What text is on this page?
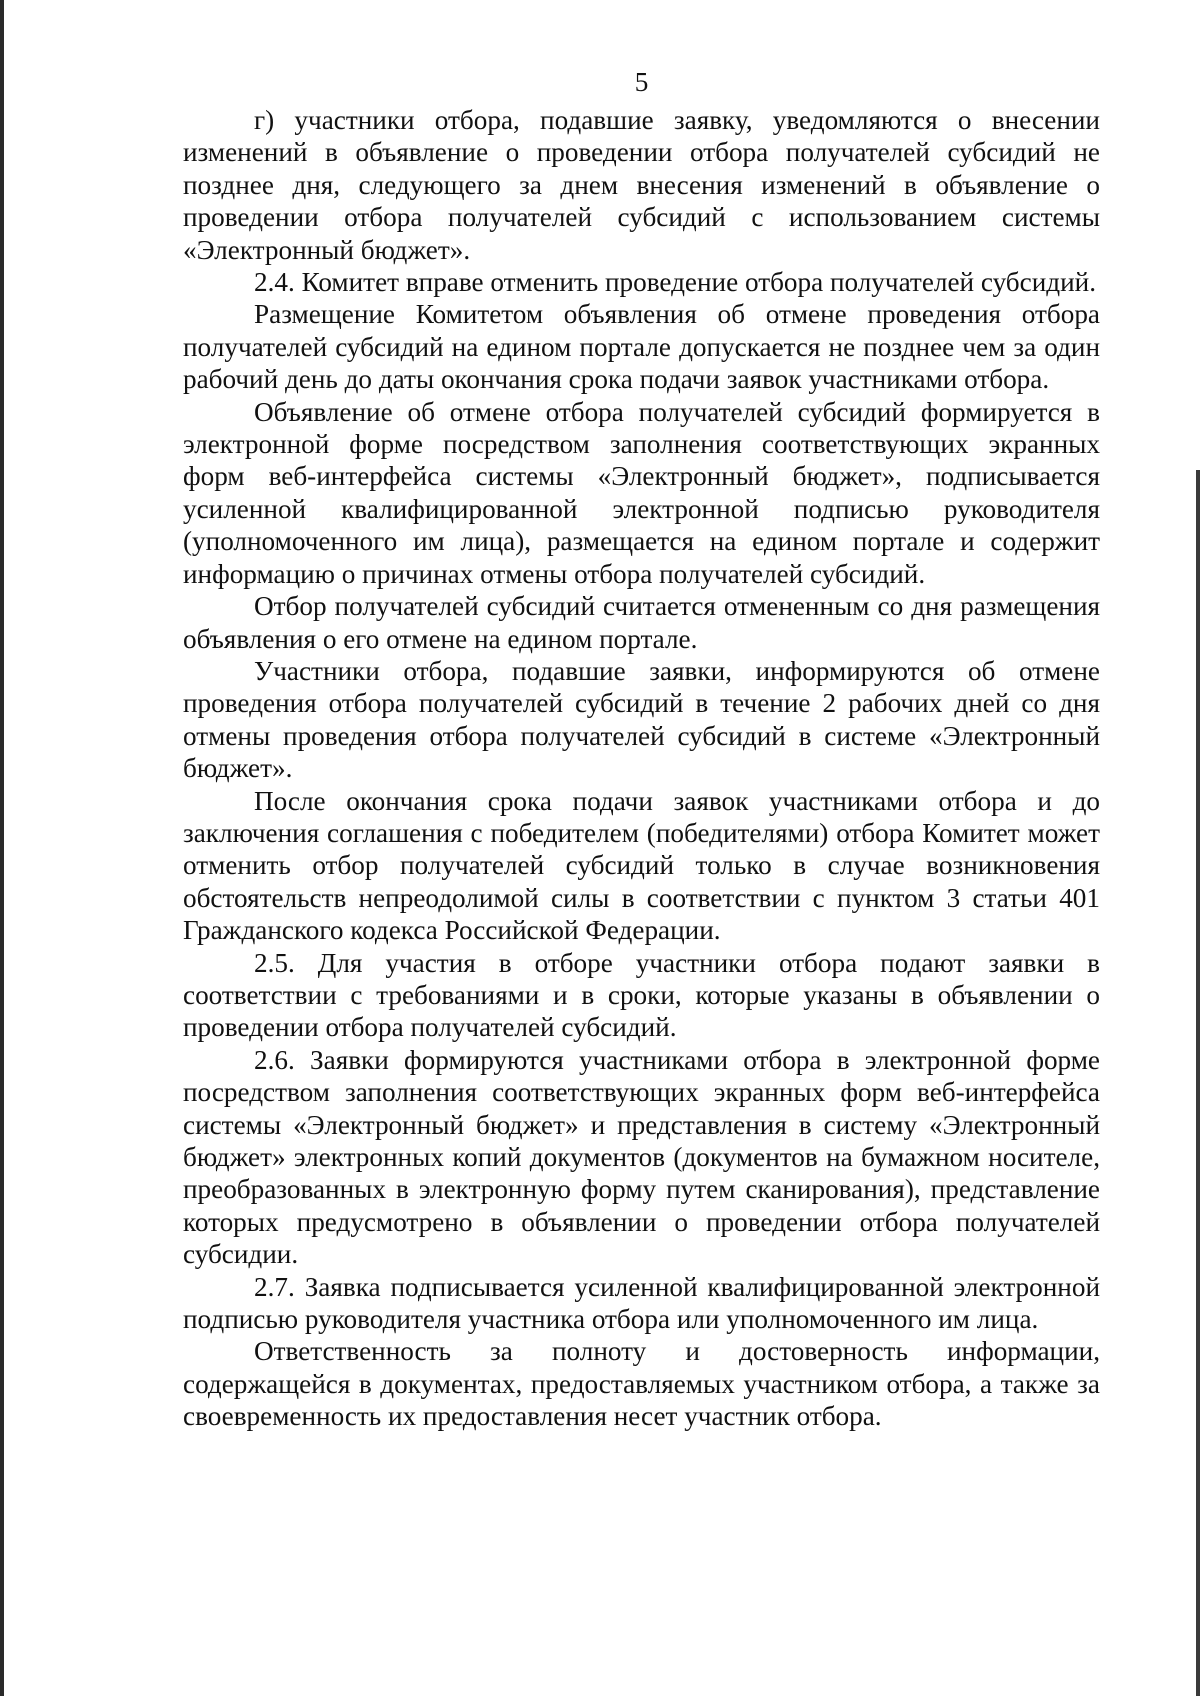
5

г) участники отбора, подавшие заявку, уведомляются о внесении изменений в объявление о проведении отбора получателей субсидий не позднее дня, следующего за днем внесения изменений в объявление о проведении отбора получателей субсидий с использованием системы «Электронный бюджет».

2.4. Комитет вправе отменить проведение отбора получателей субсидий.

Размещение Комитетом объявления об отмене проведения отбора получателей субсидий на едином портале допускается не позднее чем за один рабочий день до даты окончания срока подачи заявок участниками отбора.

Объявление об отмене отбора получателей субсидий формируется в электронной форме посредством заполнения соответствующих экранных форм веб-интерфейса системы «Электронный бюджет», подписывается усиленной квалифицированной электронной подписью руководителя (уполномоченного им лица), размещается на едином портале и содержит информацию о причинах отмены отбора получателей субсидий.

Отбор получателей субсидий считается отмененным со дня размещения объявления о его отмене на едином портале.

Участники отбора, подавшие заявки, информируются об отмене проведения отбора получателей субсидий в течение 2 рабочих дней со дня отмены проведения отбора получателей субсидий в системе «Электронный бюджет».

После окончания срока подачи заявок участниками отбора и до заключения соглашения с победителем (победителями) отбора Комитет может отменить отбор получателей субсидий только в случае возникновения обстоятельств непреодолимой силы в соответствии с пунктом 3 статьи 401 Гражданского кодекса Российской Федерации.

2.5. Для участия в отборе участники отбора подают заявки в соответствии с требованиями и в сроки, которые указаны в объявлении о проведении отбора получателей субсидий.

2.6. Заявки формируются участниками отбора в электронной форме посредством заполнения соответствующих экранных форм веб-интерфейса системы «Электронный бюджет» и представления в систему «Электронный бюджет» электронных копий документов (документов на бумажном носителе, преобразованных в электронную форму путем сканирования), представление которых предусмотрено в объявлении о проведении отбора получателей субсидии.

2.7. Заявка подписывается усиленной квалифицированной электронной подписью руководителя участника отбора или уполномоченного им лица.

Ответственность за полноту и достоверность информации, содержащейся в документах, предоставляемых участником отбора, а также за своевременность их предоставления несет участник отбора.
